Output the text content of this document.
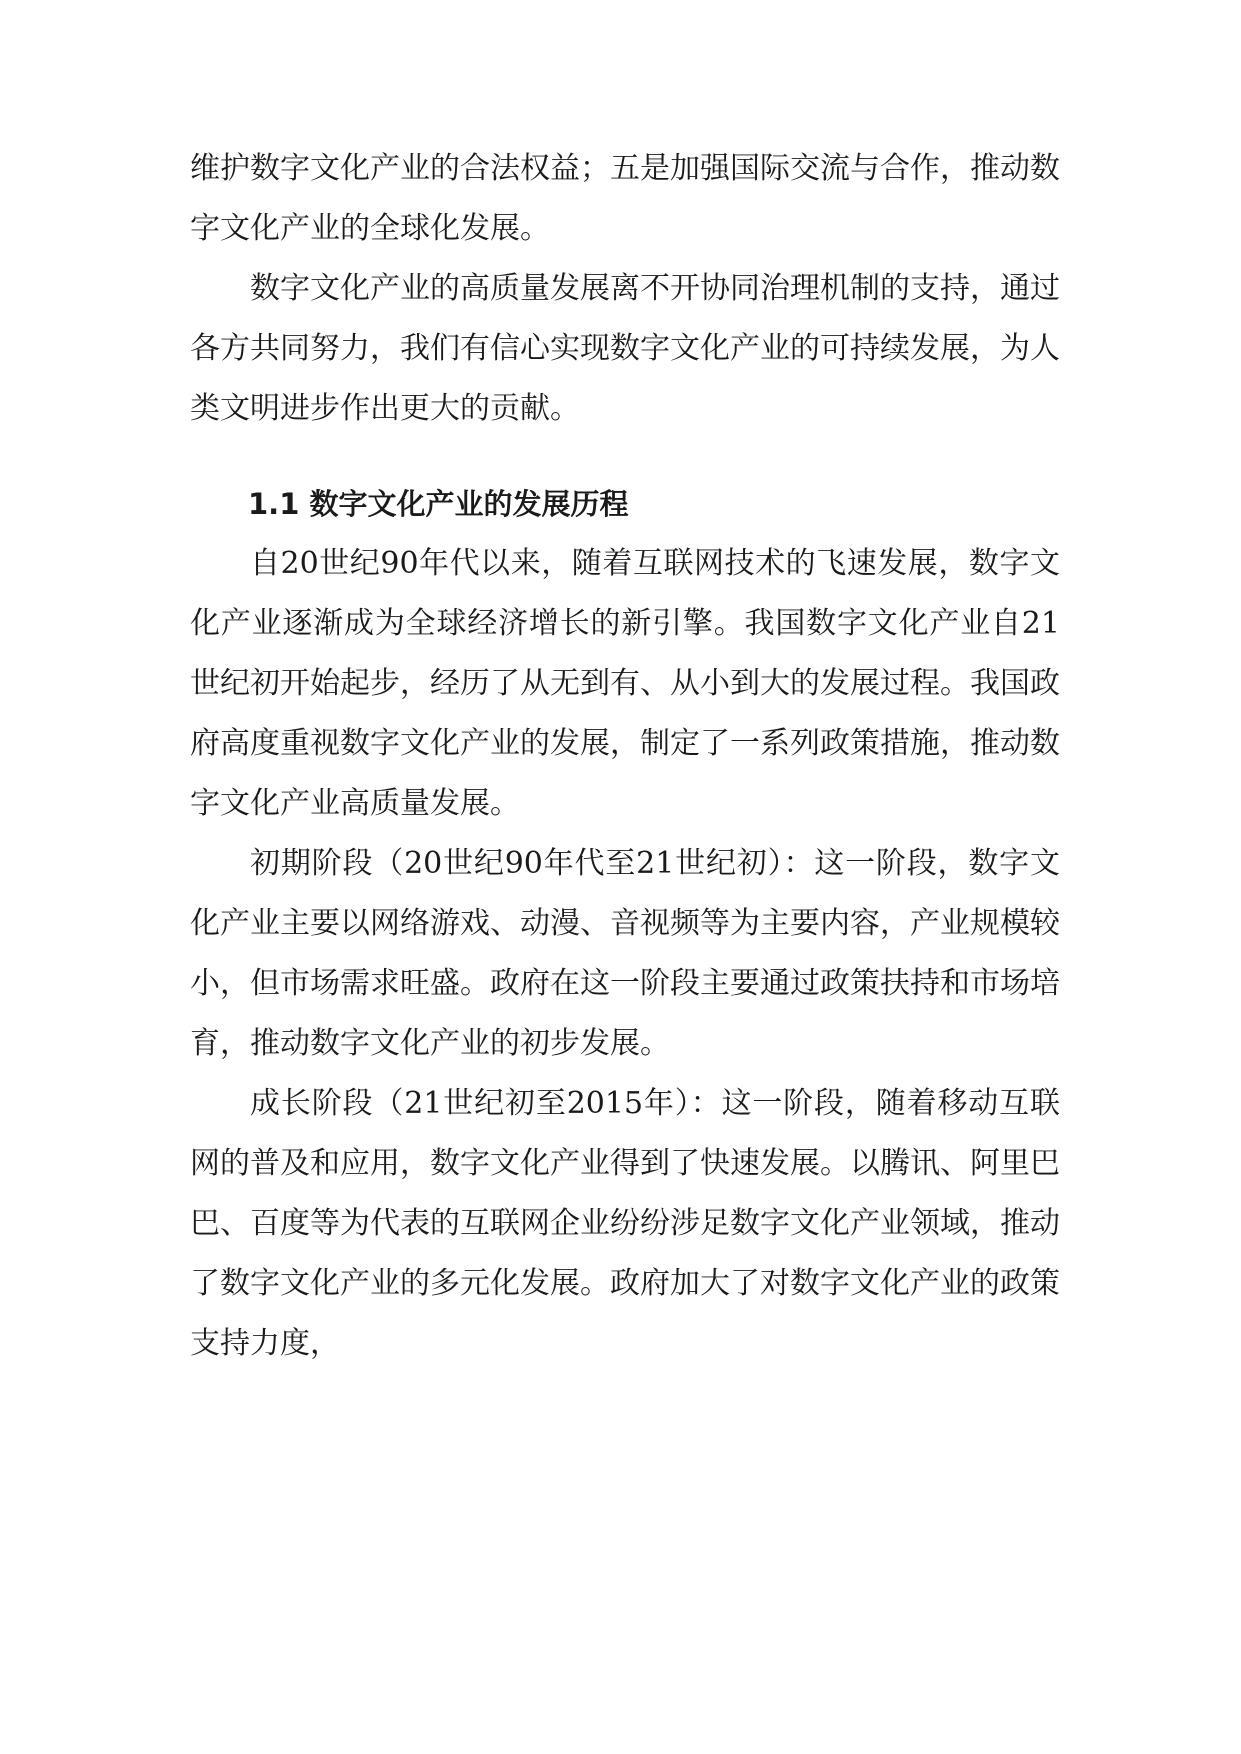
维护数字文化产业的合法权益；五是加强国际交流与合作，推动数字文化产业的全球化发展。

数字文化产业的高质量发展离不开协同治理机制的支持，通过各方共同努力，我们有信心实现数字文化产业的可持续发展，为人类文明进步作出更大的贡献。

1.1 数字文化产业的发展历程

自20世纪90年代以来，随着互联网技术的飞速发展，数字文化产业逐渐成为全球经济增长的新引擎。我国数字文化产业自21世纪初开始起步，经历了从无到有、从小到大的发展过程。我国政府高度重视数字文化产业的发展，制定了一系列政策措施，推动数字文化产业高质量发展。

初期阶段（20世纪90年代至21世纪初）：这一阶段，数字文化产业主要以网络游戏、动漫、音视频等为主要内容，产业规模较小，但市场需求旺盛。政府在这一阶段主要通过政策扶持和市场培育，推动数字文化产业的初步发展。

成长阶段（21世纪初至2015年）：这一阶段，随着移动互联网的普及和应用，数字文化产业得到了快速发展。以腾讯、阿里巴巴、百度等为代表的互联网企业纷纷涉足数字文化产业领域，推动了数字文化产业的多元化发展。政府加大了对数字文化产业的政策支持力度，
